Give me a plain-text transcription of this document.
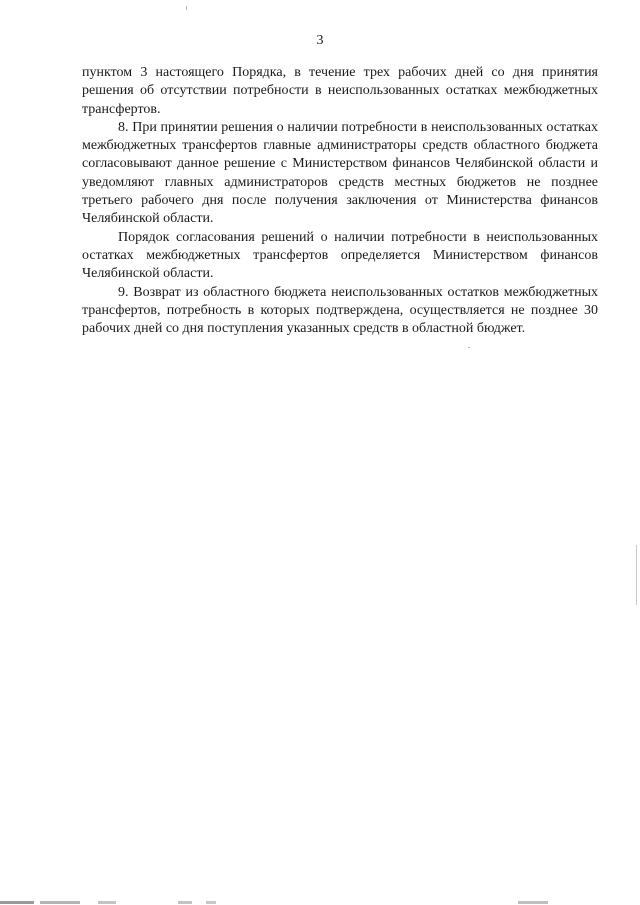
3

пунктом 3 настоящего Порядка, в течение трех рабочих дней со дня принятия решения об отсутствии потребности в неиспользованных остатках межбюджетных трансфертов.

8. При принятии решения о наличии потребности в неиспользованных остатках межбюджетных трансфертов главные администраторы средств областного бюджета согласовывают данное решение с Министерством финансов Челябинской области и уведомляют главных администраторов средств местных бюджетов не позднее третьего рабочего дня после получения заключения от Министерства финансов Челябинской области.

Порядок согласования решений о наличии потребности в неиспользованных остатках межбюджетных трансфертов определяется Министерством финансов Челябинской области.

9. Возврат из областного бюджета неиспользованных остатков межбюджетных трансфертов, потребность в которых подтверждена, осуществляется не позднее 30 рабочих дней со дня поступления указанных средств в областной бюджет.
